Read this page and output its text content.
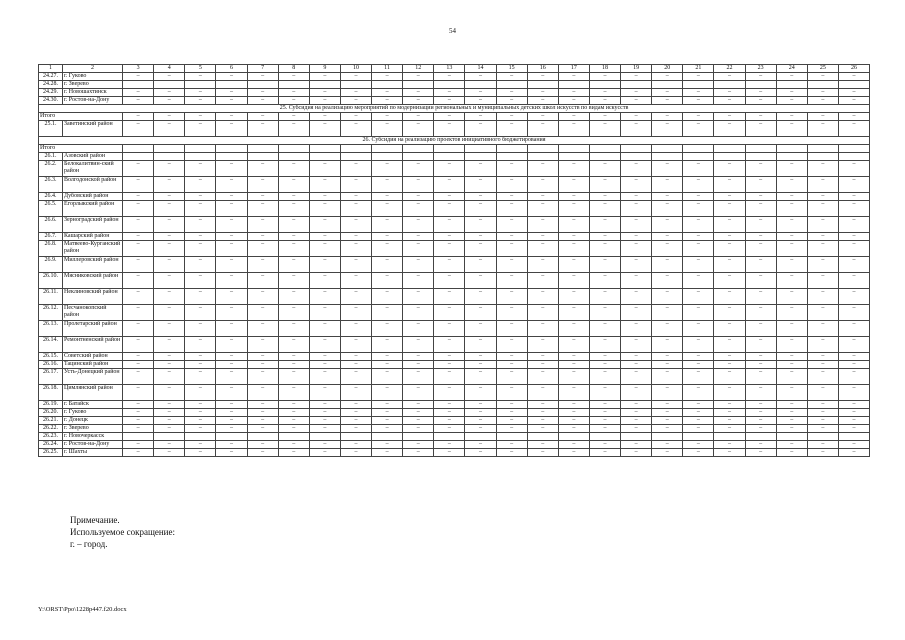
54
1	2	3	4	5	6	7	8	9	10	11	12	13	14	15	16	17	18	19	20	21	22	23	24	25	26
24.27.	г. Гуково	–	–	–	–	–	–	–	–	–	–	–	–	–	–	–	–	–	–	–	–	–	–	–	–
24.28.	г. Зверево																								
24.29.	г. Новошахтинск	–	–	–	–	–	–	–	–	–	–	–	–	–	–	–	–	–	–	–	–	–	–	–	–
24.30.	г. Ростов-на-Дону	–	–	–	–	–	–	–	–	–	–	–	–	–	–	–	–	–	–	–	–	–	–	–	–
25. Субсидия на реализацию мероприятий по модернизации региональных и муниципальных детских школ искусств по видам искусств																									
Итого		–	–	–	–	–	–	–	–	–	–	–	–	–	–	–	–	–	–	–	–	–	–	–	–
25.1.	Заветинский район	–	–	–	–	–	–	–	–	–	–	–	–	–	–	–	–	–	–	–	–	–	–	–	–
26. Субсидия на реализацию проектов инициативного бюджетирования																									
Итого																									
26.1.	Азовский район																								
26.2.	Белокалитвин-ский район	–	–	–	–	–	–	–	–	–	–	–	–	–	–	–	–	–	–	–	–	–	–	–	–
26.3.	Волгодонской район	–	–	–	–	–	–	–	–	–	–	–	–	–	–	–	–	–	–	–	–	–	–	–	–
26.4.	Дубовский район	–	–	–	–	–	–	–	–	–	–	–	–	–	–	–	–	–	–	–	–	–	–	–	–
26.5.	Егорлыкский район	–	–	–	–	–	–	–	–	–	–	–	–	–	–	–	–	–	–	–	–	–	–	–	–
26.6.	Зерноградский район	–	–	–	–	–	–	–	–	–	–	–	–	–	–	–	–	–	–	–	–	–	–	–	–
26.7.	Кашарский район	–	–	–	–	–	–	–	–	–	–	–	–	–	–	–	–	–	–	–	–	–	–	–	–
26.8.	Матвеево-Курганский район	–	–	–	–	–	–	–	–	–	–	–	–	–	–	–	–	–	–	–	–	–	–	–	–
26.9.	Миллеровский район	–	–	–	–	–	–	–	–	–	–	–	–	–	–	–	–	–	–	–	–	–	–	–	–
26.10.	Мясниковский район	–	–	–	–	–	–	–	–	–	–	–	–	–	–	–	–	–	–	–	–	–	–	–	–
26.11.	Неклиновский район	–	–	–	–	–	–	–	–	–	–	–	–	–	–	–	–	–	–	–	–	–	–	–	–
26.12.	Песчанокопский район	–	–	–	–	–	–	–	–	–	–	–	–	–	–	–	–	–	–	–	–	–	–	–	–
26.13.	Пролетарский район	–	–	–	–	–	–	–	–	–	–	–	–	–	–	–	–	–	–	–	–	–	–	–	–
26.14.	Ремонтненский район	–	–	–	–	–	–	–	–	–	–	–	–	–	–	–	–	–	–	–	–	–	–	–	–
26.15.	Советский район	–	–	–	–	–	–	–	–	–	–	–	–	–	–	–	–	–	–	–	–	–	–	–	–
26.16.	Тацинский район	–	–	–	–	–	–	–	–	–	–	–	–	–	–	–	–	–	–	–	–	–	–	–	–
26.17.	Усть-Донецкий район	–	–	–	–	–	–	–	–	–	–	–	–	–	–	–	–	–	–	–	–	–	–	–	–
26.18.	Цимлянский район	–	–	–	–	–	–	–	–	–	–	–	–	–	–	–	–	–	–	–	–	–	–	–	–
26.19.	г. Батайск	–	–	–	–	–	–	–	–	–	–	–	–	–	–	–	–	–	–	–	–	–	–	–	–
26.20.	г. Гуково	–	–	–	–	–	–	–	–	–	–	–	–	–	–	–	–	–	–	–	–	–	–	–	–
26.21.	г. Донецк	–	–	–	–	–	–	–	–	–	–	–	–	–	–	–	–	–	–	–	–	–	–	–	–
26.22.	г. Зверево	–	–	–	–	–	–	–	–	–	–	–	–	–	–	–	–	–	–	–	–	–	–	–	–
26.23.	г. Новочеркасск																								
26.24.	г. Ростов-на-Дону	–	–	–	–	–	–	–	–	–	–	–	–	–	–	–	–	–	–	–	–	–	–	–	–
26.25.	г. Шахты	–	–	–	–	–	–	–	–	–	–	–	–	–	–	–	–	–	–	–	–	–	–	–	–
Примечание.
Используемое сокращение:
г. – город.
Y:\ORST\Ppo\1228p447.f20.docx
